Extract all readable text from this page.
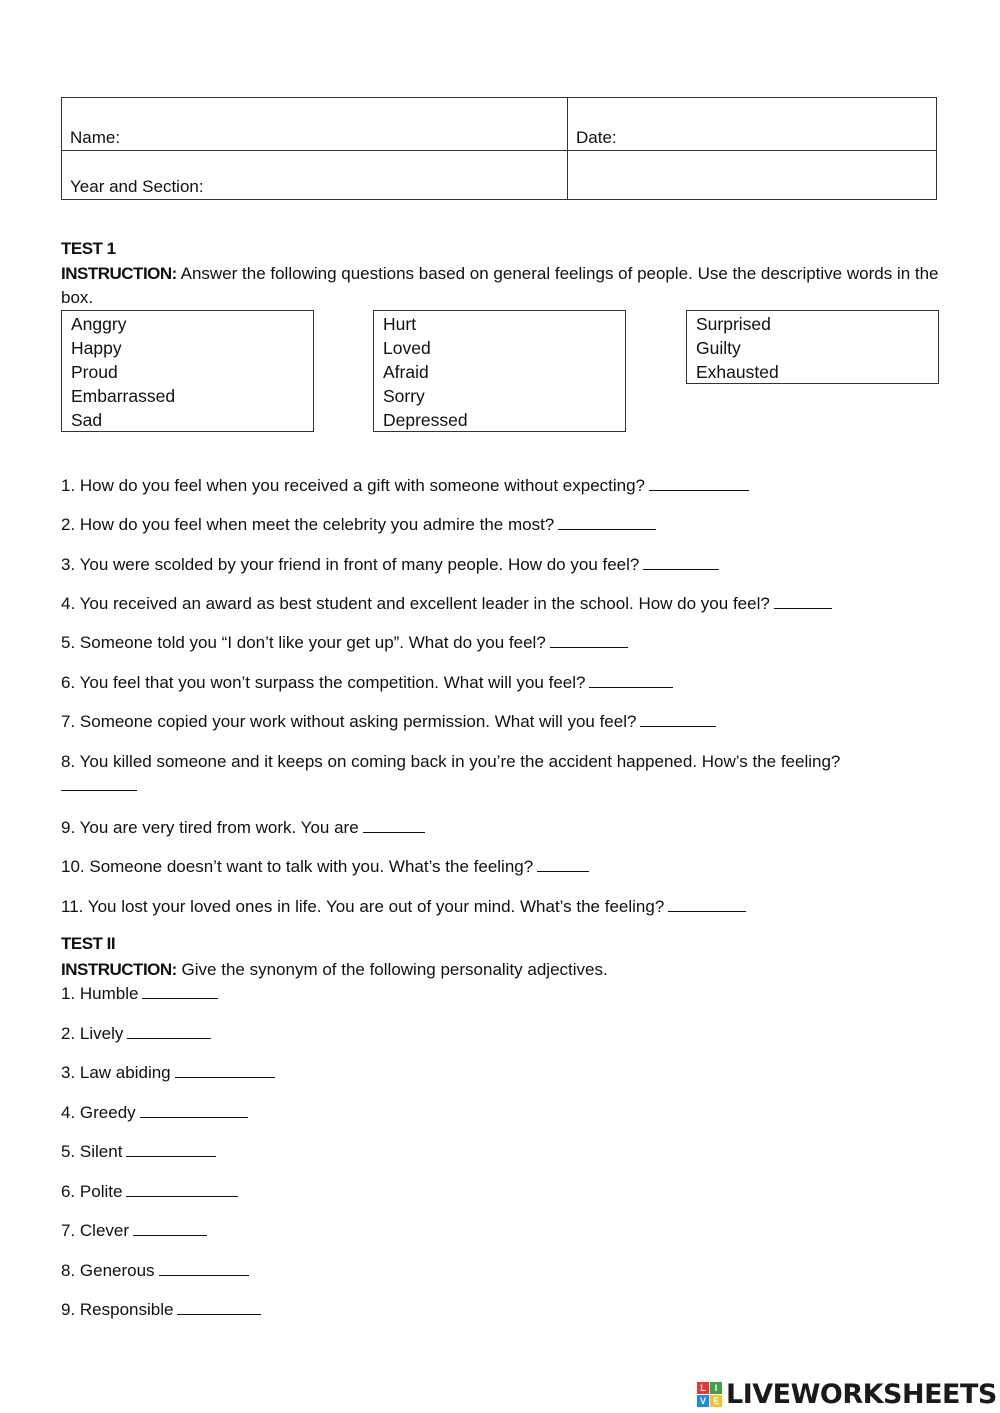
Name:	Date:
Year and Section:	
TEST 1
INSTRUCTION: Answer the following questions based on general feelings of people. Use the descriptive words in the box.
Anggry
Happy
Proud
Embarrassed
Sad
Hurt
Loved
Afraid
Sorry
Depressed
Surprised
Guilty
Exhausted
1. How do you feel when you received a gift with someone without expecting?
2. How do you feel when meet the celebrity you admire the most?
3. You were scolded by your friend in front of many people. How do you feel?
4. You received an award as best student and excellent leader in the school. How do you feel?
5. Someone told you “I don’t like your get up”. What do you feel?
6. You feel that you won’t surpass the competition. What will you feel?
7. Someone copied your work without asking permission. What will you feel?
8. You killed someone and it keeps on coming back in you’re the accident happened. How’s the feeling?
9. You are very tired from work. You are
10. Someone doesn’t want to talk with you. What’s the feeling?
11. You lost your loved ones in life. You are out of your mind. What’s the feeling?
TEST II
INSTRUCTION: Give the synonym of the following personality adjectives.
1. Humble
2. Lively
3. Law abiding
4. Greedy
5. Silent
6. Polite
7. Clever
8. Generous
9. Responsible
L I
V E LIVEWORKSHEETS
